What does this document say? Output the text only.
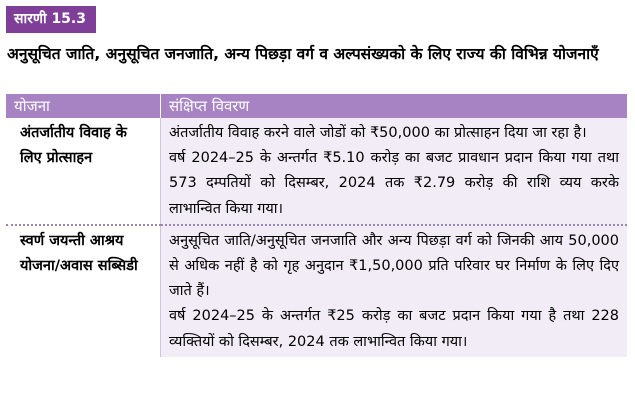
सारणी 15.3
अनुसूचित जाति, अनुसूचित जनजाति, अन्य पिछड़ा वर्ग व अल्पसंख्यको के लिए राज्य की विभिन्न योजनाएँ
योजना	संक्षिप्त विवरण
अंतर्जातीय विवाह के लिए प्रोत्साहन	अंतर्जातीय विवाह करने वाले जोडों को ₹50,000 का प्रोत्साहन दिया जा रहा है।

वर्ष 2024–25 के अन्तर्गत ₹5.10 करोड़ का बजट प्रावधान प्रदान किया गया तथा 573 दम्पतियों को दिसम्बर, 2024 तक ₹2.79 करोड़ की राशि व्यय करके लाभान्वित किया गया।

स्वर्ण जयन्ती आश्रय योजना/अवास सब्सिडी	अनुसूचित जाति/अनुसूचित जनजाति और अन्य पिछड़ा वर्ग को जिनकी आय 50,000 से अधिक नहीं है को गृह अनुदान ₹1,50,000 प्रति परिवार घर निर्माण के लिए दिए जाते हैं।

वर्ष 2024–25 के अन्तर्गत ₹25 करोड़ का बजट प्रदान किया गया है तथा 228 व्यक्तियों को दिसम्बर, 2024 तक लाभान्वित किया गया।
